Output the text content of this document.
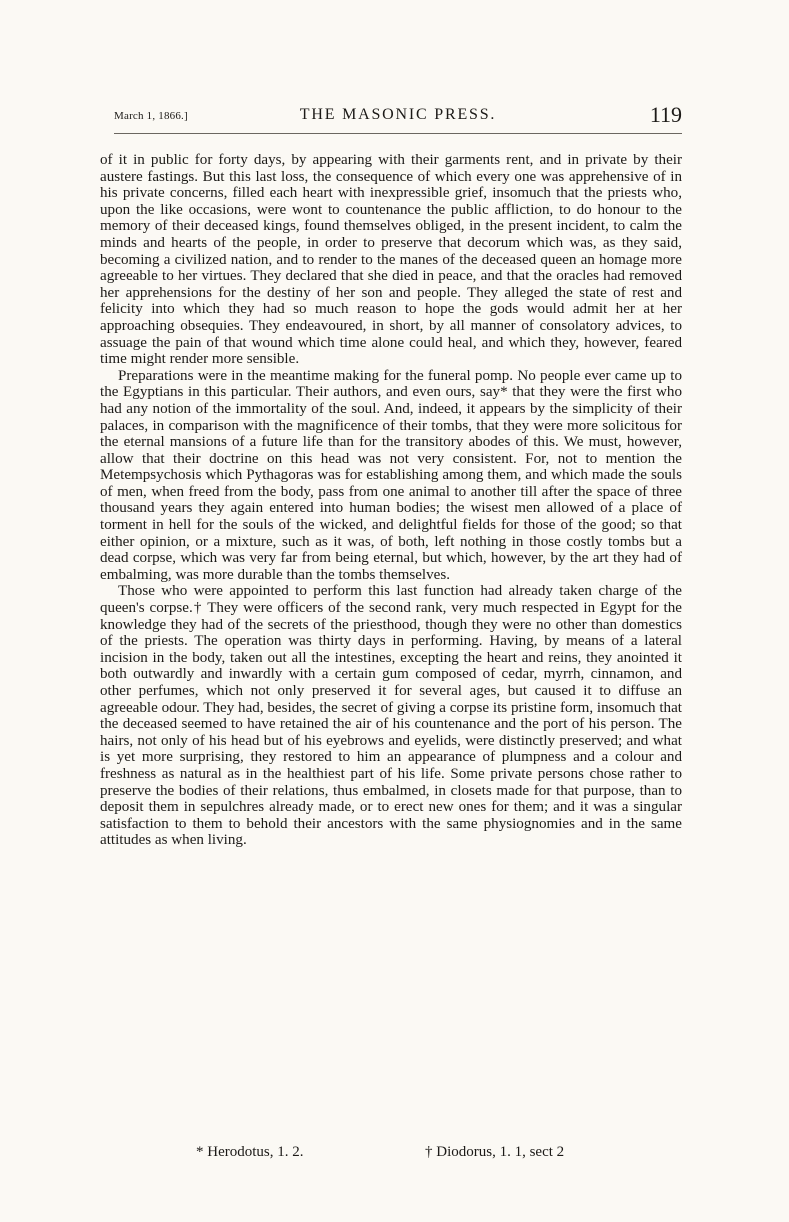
March 1, 1866.]	THE MASONIC PRESS.	119

of it in public for forty days, by appearing with their garments rent, and in private by their austere fastings. But this last loss, the consequence of which every one was apprehensive of in his private concerns, filled each heart with inexpressible grief, insomuch that the priests who, upon the like occasions, were wont to countenance the public affliction, to do honour to the memory of their deceased kings, found themselves obliged, in the present incident, to calm the minds and hearts of the people, in order to preserve that decorum which was, as they said, becoming a civilized nation, and to render to the manes of the deceased queen an homage more agreeable to her virtues. They declared that she died in peace, and that the oracles had removed her apprehensions for the destiny of her son and people. They alleged the state of rest and felicity into which they had so much reason to hope the gods would admit her at her approaching obsequies. They endeavoured, in short, by all manner of consolatory advices, to assuage the pain of that wound which time alone could heal, and which they, however, feared time might render more sensible.

Preparations were in the meantime making for the funeral pomp. No people ever came up to the Egyptians in this particular. Their authors, and even ours, say* that they were the first who had any notion of the immortality of the soul. And, indeed, it appears by the simplicity of their palaces, in comparison with the magnificence of their tombs, that they were more solicitous for the eternal mansions of a future life than for the transitory abodes of this. We must, however, allow that their doctrine on this head was not very consistent. For, not to mention the Metempsychosis which Pythagoras was for establishing among them, and which made the souls of men, when freed from the body, pass from one animal to another till after the space of three thousand years they again entered into human bodies; the wisest men allowed of a place of torment in hell for the souls of the wicked, and delightful fields for those of the good; so that either opinion, or a mixture, such as it was, of both, left nothing in those costly tombs but a dead corpse, which was very far from being eternal, but which, however, by the art they had of embalming, was more durable than the tombs themselves.

Those who were appointed to perform this last function had already taken charge of the queen's corpse.† They were officers of the second rank, very much respected in Egypt for the knowledge they had of the secrets of the priesthood, though they were no other than domestics of the priests. The operation was thirty days in performing. Having, by means of a lateral incision in the body, taken out all the intestines, excepting the heart and reins, they anointed it both outwardly and inwardly with a certain gum composed of cedar, myrrh, cinnamon, and other perfumes, which not only preserved it for several ages, but caused it to diffuse an agreeable odour. They had, besides, the secret of giving a corpse its pristine form, insomuch that the deceased seemed to have retained the air of his countenance and the port of his person. The hairs, not only of his head but of his eyebrows and eyelids, were distinctly preserved; and what is yet more surprising, they restored to him an appearance of plumpness and a colour and freshness as natural as in the healthiest part of his life. Some private persons chose rather to preserve the bodies of their relations, thus embalmed, in closets made for that purpose, than to deposit them in sepulchres already made, or to erect new ones for them; and it was a singular satisfaction to them to behold their ancestors with the same physiognomies and in the same attitudes as when living.

* Herodotus, 1. 2.	† Diodorus, 1. 1, sect 2
